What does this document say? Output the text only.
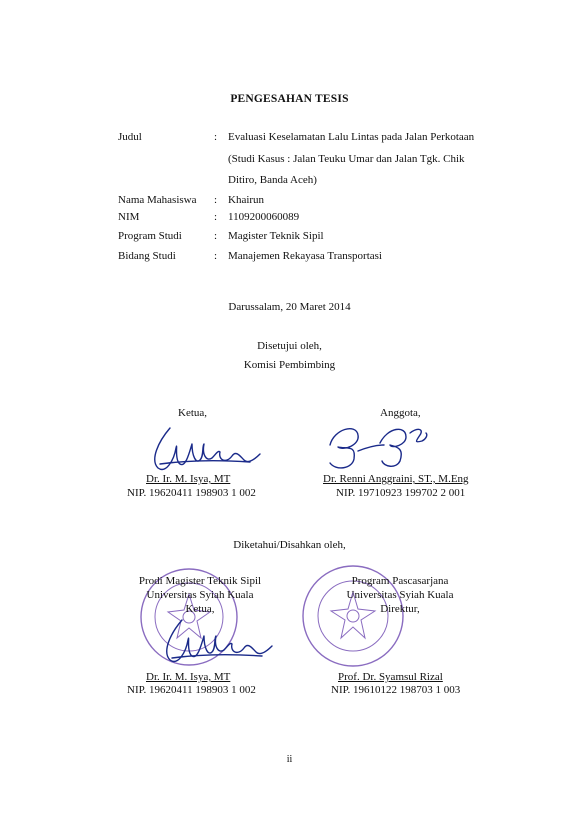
PENGESAHAN TESIS
Judul	: Evaluasi Keselamatan Lalu Lintas pada Jalan Perkotaan
(Studi Kasus : Jalan Teuku Umar dan Jalan Tgk. Chik
Ditiro, Banda Aceh)
Nama Mahasiswa : Khairun
NIM	: 1109200060089
Program Studi	: Magister Teknik Sipil
Bidang Studi	: Manajemen Rekayasa Transportasi
Darussalam, 20 Maret 2014
Disetujui oleh,
Komisi Pembimbing
Ketua,	Anggota,
Dr. Ir. M. Isya, MT
NIP. 19620411 198903 1 002
Dr. Renni Anggraini, ST., M.Eng
NIP. 19710923 199702 2 001
Diketahui/Disahkan oleh,
Prodi Magister Teknik Sipil
Universitas Syiah Kuala
Ketua,
Program Pascasarjana
Universitas Syiah Kuala
Direktur,
Dr. Ir. M. Isya, MT
NIP. 19620411 198903 1 002
Prof. Dr. Syamsul Rizal
NIP. 19610122 198703 1 003
ii
